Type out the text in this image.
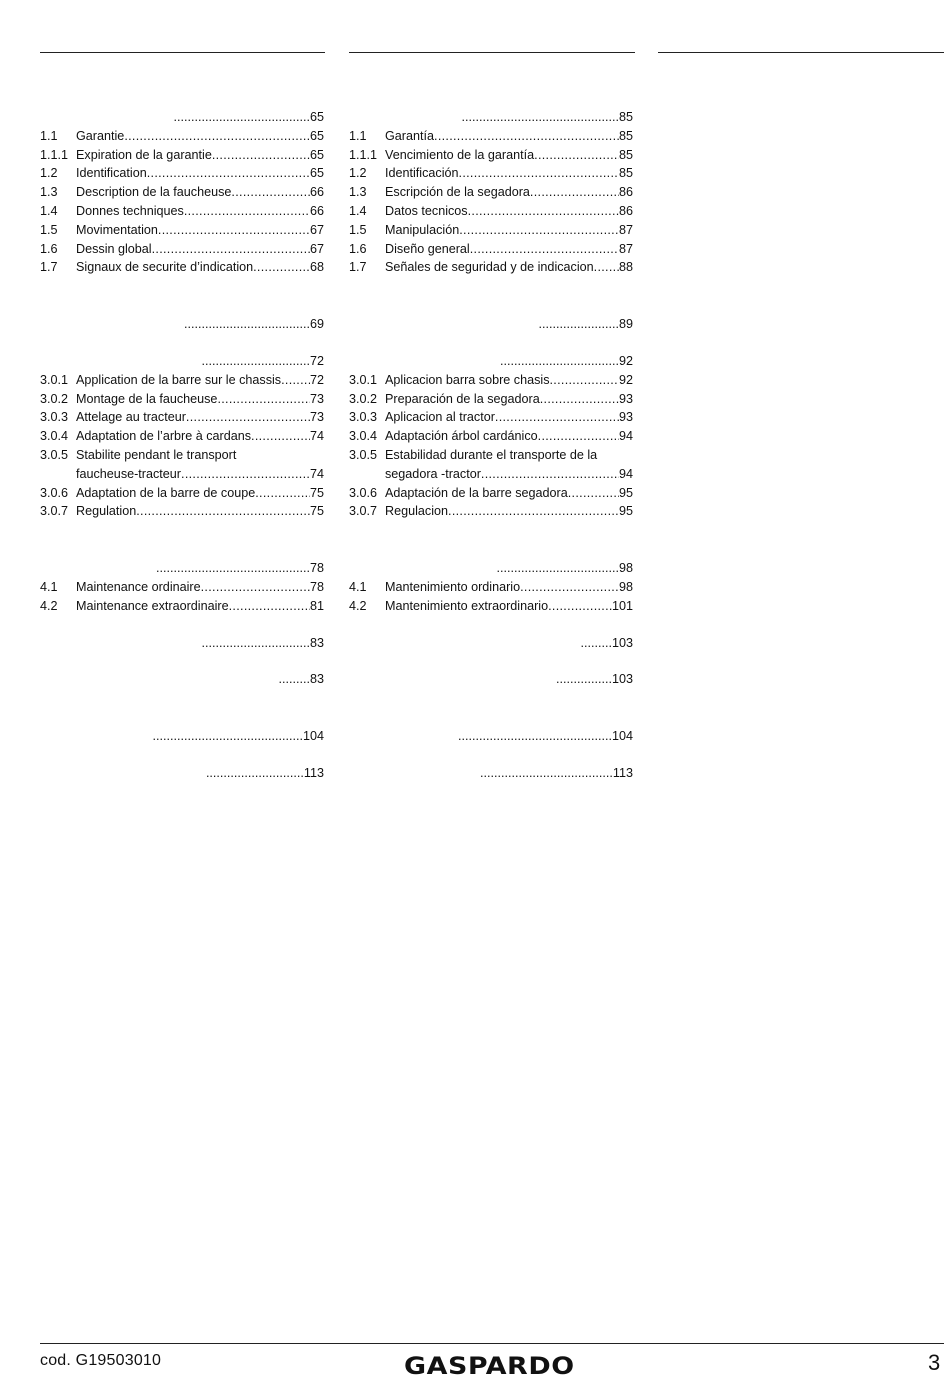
....................................... 65
1.1	Garantie .....	65
1.1.1 Expiration de la garantie .....	65
1.2	Identification .....	65
1.3	Description de la faucheuse .....	66
1.4	Donnes techniques .....	66
1.5	Movimentation .....	67
1.6	Dessin global .....	67
1.7	Signaux de securite d’indication .....	68
.................................... 69
............................... 72
3.0.1 Application de la barre sur le chassis ..... 72
3.0.2 Montage de la faucheuse .....	73
3.0.3 Attelage au tracteur .....	73
3.0.4 Adaptation de l’arbre à cardans .....	74
3.0.5 Stabilite pendant le transport
faucheuse-tracteur .....	74
3.0.6 Adaptation de la barre de coupe .....	75
3.0.7 Regulation .....	75
............................................ 78
4.1	Maintenance ordinaire .....	78
4.2	Maintenance extraordinaire .....	81
............................... 83
......... 83
........................................... 104
............................ 113
............................................. 85
1.1	Garantía .....	85
1.1.1 Vencimiento de la garantía .....	85
1.2	Identificación .....	85
1.3	Escripción de la segadora .....	86
1.4	Datos tecnicos .....	86
1.5	Manipulación .....	87
1.6	Diseño general .....	87
1.7	Señales de seguridad y de indicacion ..... 88
....................... 89
.................................. 92
3.0.1 Aplicacion barra sobre chasis .....	92
3.0.2 Preparación de la segadora .....	93
3.0.3 Aplicacion al tractor .....	93
3.0.4 Adaptación árbol cardánico .....	94
3.0.5 Estabilidad durante el transporte de la
segadora -tractor .....	94
3.0.6 Adaptación de la barre segadora .....	95
3.0.7 Regulacion .....	95
................................... 98
4.1	Mantenimiento ordinario .....	98
4.2	Mantenimiento extraordinario .....	101
......... 103
................ 103
............................................ 104
...................................... 113
cod. G19503010	GASPARDO	3
